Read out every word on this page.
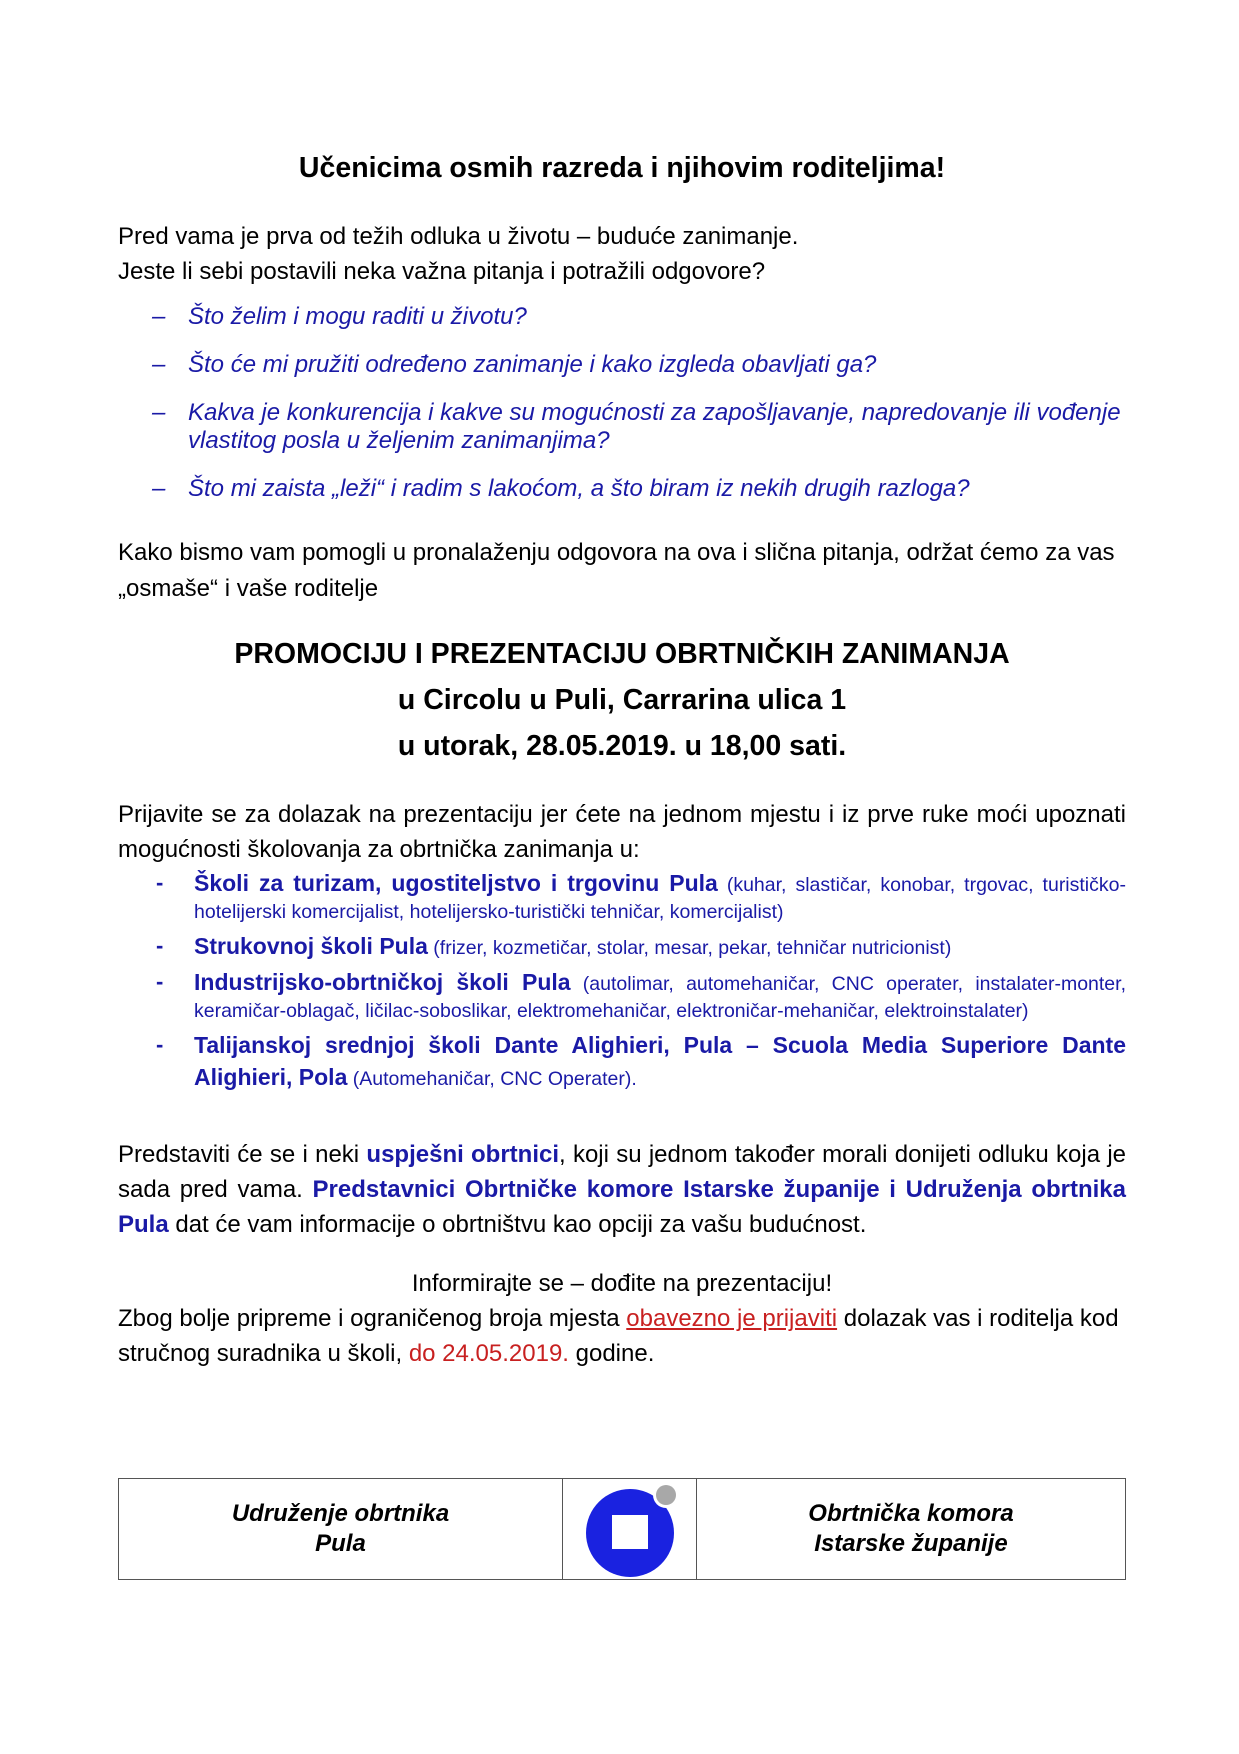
Učenicima osmih razreda i njihovim roditeljima!

Pred vama je prva od težih odluka u životu – buduće zanimanje.

Jeste li sebi postavili neka važna pitanja i potražili odgovore?

– Što želim i mogu raditi u životu?
– Što će mi pružiti određeno zanimanje i kako izgleda obavljati ga?
– Kakva je konkurencija i kakve su mogućnosti za zapošljavanje, napredovanje ili vođenje vlastitog posla u željenim zanimanjima?
– Što mi zaista „leži“ i radim s lakoćom, a što biram iz nekih drugih razloga?

Kako bismo vam pomogli u pronalaženju odgovora na ova i slična pitanja, održat ćemo za vas „osmaše“ i vaše roditelje

PROMOCIJU I PREZENTACIJU OBRTNIČKIH ZANIMANJA
u Circolu u Puli, Carrarina ulica 1
u utorak, 28.05.2019. u 18,00 sati.

Prijavite se za dolazak na prezentaciju jer ćete na jednom mjestu i iz prve ruke moći upoznati mogućnosti školovanja za obrtnička zanimanja u:

- Školi za turizam, ugostiteljstvo i trgovinu Pula (kuhar, slastičar, konobar, trgovac, turističko-hotelijerski komercijalist, hotelijersko-turistički tehničar, komercijalist)
- Strukovnoj školi Pula (frizer, kozmetičar, stolar, mesar, pekar, tehničar nutricionist)
- Industrijsko-obrtničkoj školi Pula (autolimar, automehaničar, CNC operater, instalater-monter, keramičar-oblagač, ličilac-soboslikar, elektromehaničar, elektroničar-mehaničar, elektroinstalater)
- Talijanskoj srednjoj školi Dante Alighieri, Pula – Scuola Media Superiore Dante Alighieri, Pola (Automehaničar, CNC Operater).

Predstaviti će se i neki uspješni obrtnici, koji su jednom također morali donijeti odluku koja je sada pred vama. Predstavnici Obrtničke komore Istarske županije i Udruženja obrtnika Pula dat će vam informacije o obrtništvu kao opciji za vašu budućnost.

Informirajte se – dođite na prezentaciju!
Zbog bolje pripreme i ograničenog broja mjesta obavezno je prijaviti dolazak vas i roditelja kod stručnog suradnika u školi, do 24.05.2019. godine.
Udruženje obrtnika
Pula
Obrtnička komora
Istarske županije
